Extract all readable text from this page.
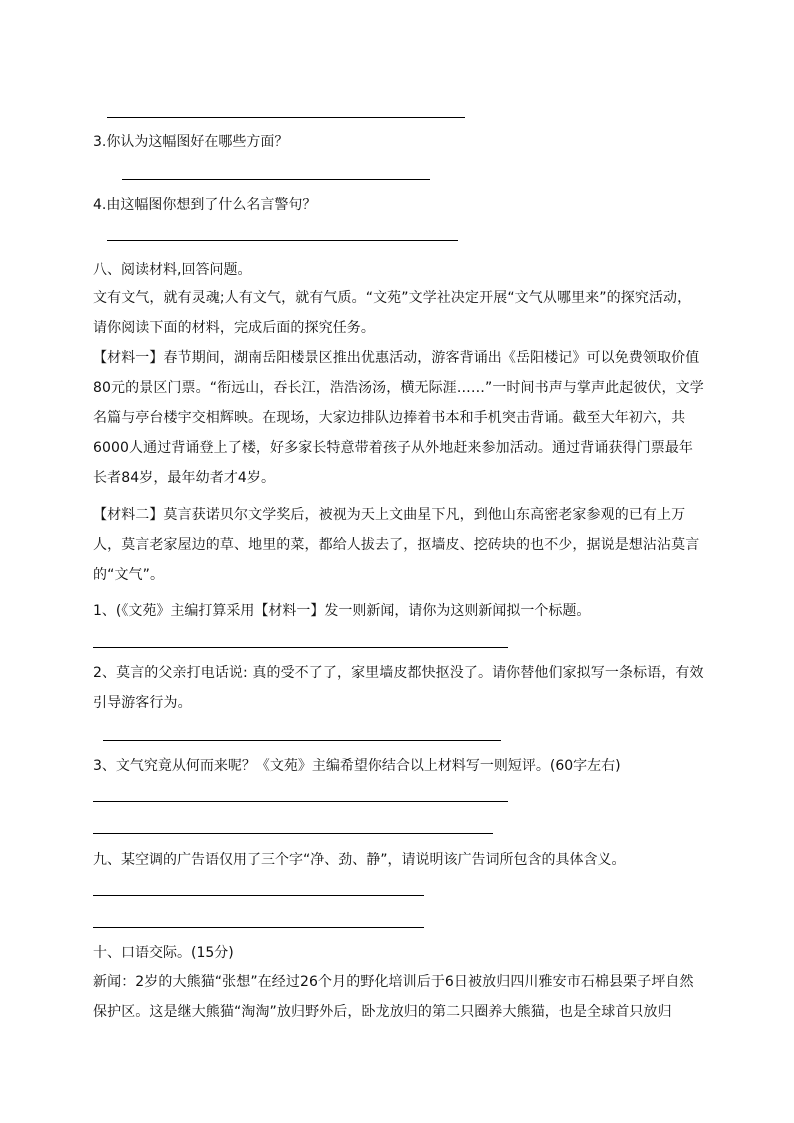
3.你认为这幅图好在哪些方面？
4.由这幅图你想到了什么名言警句？
八、阅读材料,回答问题。
文有文气，就有灵魂;人有文气，就有气质。“文苑”文学社决定开展“文气从哪里来”的探究活动，请你阅读下面的材料，完成后面的探究任务。
【材料一】春节期间，湖南岳阳楼景区推出优惠活动，游客背诵出《岳阳楼记》可以免费领取价值80元的景区门票。“衔远山，吞长江，浩浩汤汤，横无际涯……”一时间书声与掌声此起彼伏，文学名篇与亭台楼宇交相辉映。在现场，大家边排队边捧着书本和手机突击背诵。截至大年初六，共6000人通过背诵登上了楼，好多家长特意带着孩子从外地赶来参加活动。通过背诵获得门票最年长者84岁，最年幼者才4岁。
【材料二】莫言获诺贝尔文学奖后，被视为天上文曲星下凡，到他山东高密老家参观的已有上万人，莫言老家屋边的草、地里的菜，都给人拔去了，抠墙皮、挖砖块的也不少，据说是想沾沾莫言的“文气”。
1、(《文苑》主编打算采用【材料一】发一则新闻，请你为这则新闻拟一个标题。
2、莫言的父亲打电话说: 真的受不了了，家里墙皮都快抠没了。请你替他们家拟写一条标语，有效引导游客行为。
3、文气究竟从何而来呢？《文苑》主编希望你结合以上材料写一则短评。(60字左右)
九、某空调的广告语仅用了三个字“净、劲、静”，请说明该广告词所包含的具体含义。
十、口语交际。(15分)
新闻：2岁的大熊猫“张想”在经过26个月的野化培训后于6日被放归四川雅安市石棉县栗子坪自然保护区。这是继大熊猫“淘淘”放归野外后，卧龙放归的第二只圈养大熊猫，也是全球首只放归
